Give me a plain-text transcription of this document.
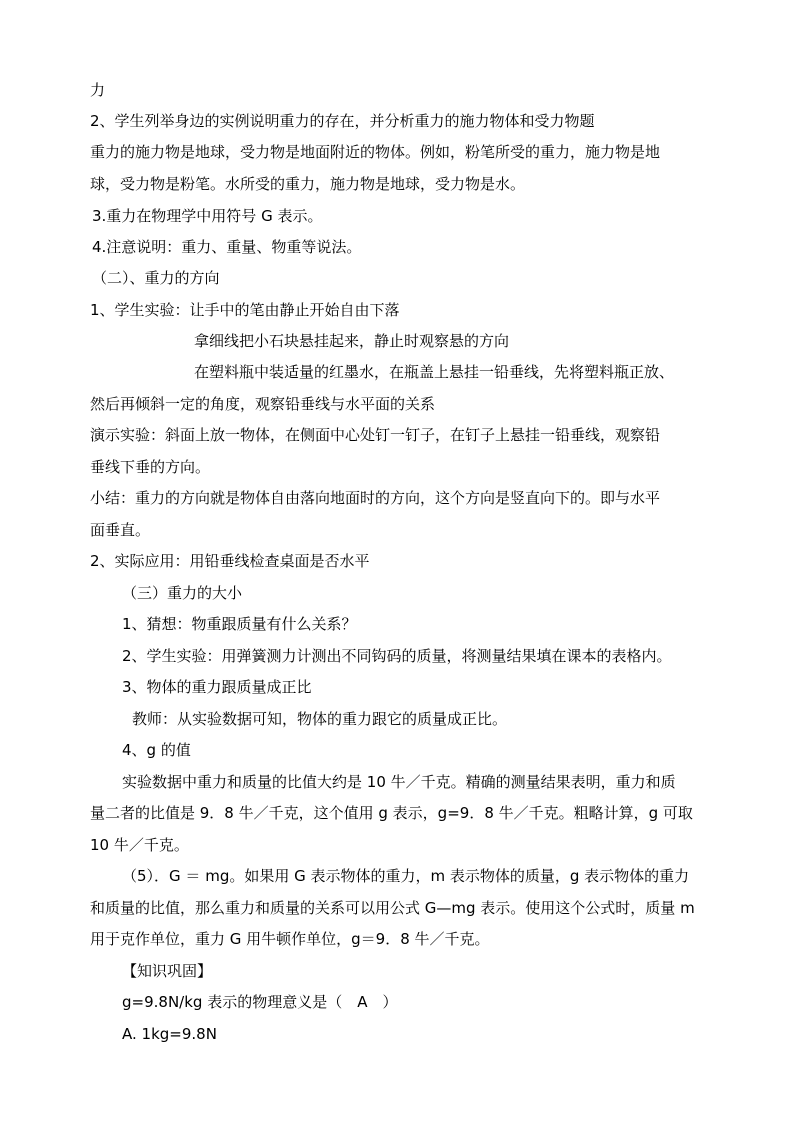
力
2、学生列举身边的实例说明重力的存在，并分析重力的施力物体和受力物题
重力的施力物是地球，受力物是地面附近的物体。例如，粉笔所受的重力，施力物是地
球，受力物是粉笔。水所受的重力，施力物是地球，受力物是水。
3.重力在物理学中用符号 G 表示。
4.注意说明：重力、重量、物重等说法。
（二）、重力的方向
1、学生实验：让手中的笔由静止开始自由下落
拿细线把小石块悬挂起来，静止时观察悬的方向
在塑料瓶中装适量的红墨水，在瓶盖上悬挂一铅垂线，先将塑料瓶正放、
然后再倾斜一定的角度，观察铅垂线与水平面的关系
演示实验：斜面上放一物体，在侧面中心处钉一钉子，在钉子上悬挂一铅垂线，观察铅
垂线下垂的方向。
小结：重力的方向就是物体自由落向地面时的方向，这个方向是竖直向下的。即与水平
面垂直。
2、实际应用：用铅垂线检查桌面是否水平
（三）重力的大小
1、猜想：物重跟质量有什么关系？
2、学生实验：用弹簧测力计测出不同钩码的质量，将测量结果填在课本的表格内。
3、物体的重力跟质量成正比
教师：从实验数据可知，物体的重力跟它的质量成正比。
4、g 的值
实验数据中重力和质量的比值大约是 10 牛／千克。精确的测量结果表明，重力和质
量二者的比值是 9．8 牛／千克，这个值用 g 表示，g=9．8 牛／千克。粗略计算，g 可取
10 牛／千克。
（5）．G ＝ mg。如果用 G 表示物体的重力，m 表示物体的质量，g 表示物体的重力
和质量的比值，那么重力和质量的关系可以用公式 G—mg 表示。使用这个公式时，质量 m
用于克作单位，重力 G 用牛顿作单位，g＝9．8 牛／千克。
【知识巩固】
g=9.8N/kg 表示的物理意义是（　A　）
A. 1kg=9.8N
